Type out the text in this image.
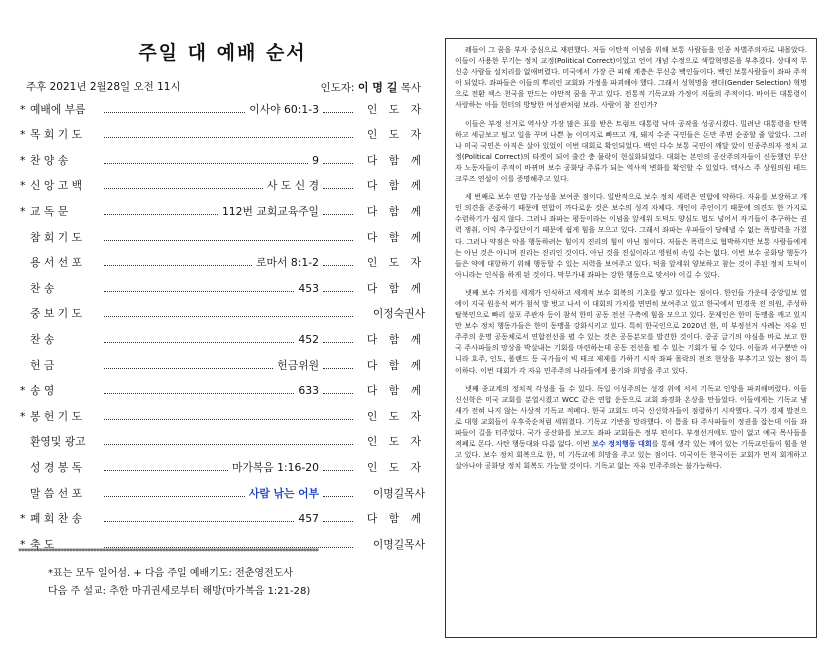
주일 대 예배 순서
주후 2021년 2월28일 오전 11시	인도자: 이 명 길 목사
* 예배에 부름	이사야 60:1-3	인 도 자
* 목 회 기 도	인 도 자
* 찬 양 송	9	다 함 께
* 신 앙 고 백	사 도 신 경	다 함 께
* 교 독 문	112번 교회교육주일	다 함 께
참 회 기 도	다 함 께
용 서 선 포	로마서 8:1-2	인 도 자
찬 송	453	다 함 께
중 보 기 도	이정숙권사
찬 송	452	다 함 께
헌 금	헌금위원	다 함 께
* 송 영	633	다 함 께
* 봉 헌 기 도	인 도 자
환영및 광고	인 도 자
성 경 봉 독	마가복음 1:16-20	인 도 자
말 씀 선 포	사람 낚는 어부	이명길목사
* 폐 회 찬 송	457	다 함 께
* 축 도	이명길목사
****************************************************************************************************
*표는 모두 일어섬. + 다음 주일 예배기도: 전춘영전도사
다음 주 설교: 추한 마귀권세로부터 해방(마가복음 1:21-28)

레들이 그 꿈을 부자 중심으로 재편했다. 저들 이탄적 이념을 위해 보통 사람들을 인종 차별주의자로 내몰았다. 이들이 사용한 무기는 정치 교정(Political Correct)이었고 언어 개념 수정으로 색깔혁명론을 부추겼다. 상대적 무신총 사람들 설치리를 없애버렸다. 미국에서 가장 큰 피해 계층은 무신총 백인들이다. 백인 보통사람들이 좌파 주적이 되었다. 좌파들은 이들의 뿌리인 교회와 가정을 파괴해야 했다. 그래서 성혁명을 젠더(Gender Selection) 혁명으로 전환 섹스 천국을 만드는 야만적 꿈을 꾸고 있다. 전통적 기독교와 가정이 저들의 주적이다. 바이든 대통령이 사랑하는 아들 헌터의 방탕한 여성관처럼 보라. 사람이 참 진인가?

이들은 부정 선거로 역사상 가장 많은 표를 받은 트럼프 대통령 낙마 공작을 성공시켰다. 밀려난 대통령을 탄핵하고 세금보고 털고 일을 꾸며 나쁜 놈 이미지로 빠뜨고 개, 돼지 수준 국민들은 돈만 주면 순종할 줄 알았다. 그러나 미국 국민은 아직은 살아 있었이 이번 대회로 확인되었다. 백인 다수 보통 국민이 깨달 았이 인종주의자 정치 교정(Political Correct)의 타겟이 되어 출간 충 물락이 현실화되었다. 대회는 본인의 공산주의자들이 신동했던 무산자 노동자들이 주적이 바뀌며 보수 공화당 주류가 되는 역사적 변화를 확인할 수 있었다. 텍사스 주 상원의원 테드 크루즈 연설이 이를 증명해주고 있다.

세 번째로 보수 연합 가능성을 보여준 점이다. 일반적으로 보수 정치 세력은 연합에 약하다. 자유를 보장하고 개인 의견을 존중하기 때문에 연합이 까다로운 것은 보수의 성격 자체다. 개인이 주인이기 때문에 의견도 한 가지로 수렴하기가 쉽지 않다. 그러나 좌파는 평등이라는 이념을 앞세워 도덕도 양심도 법도 넘어서 자기들이 추구하는 권력 쟁취, 이익 추구집단이기 때문에 쉽게 힘을 모으고 있다. 그래서 좌파는 우파들이 당해낼 수 없는 폭발력을 가졌다. 그러나 약점은 악을 행동하려는 힘이지 진리의 힘이 아닌 점이다. 저들은 폭력으로 협박하지만 보통 사람들에게는 아닌 것은 아니며 진리는 진리인 것이다. 아닌 것을 진실이라고 영원히 속일 수는 없다. 이번 보수 공화당 행동가들은 약에 대항하기 위해 행동할 수 있는 저력을 보여주고 있다. 덕을 앞세워 양보하고 참는 것이 주된 정치 도덕이 아니라는 인식을 하게 된 것이다. 막무가내 좌파는 강한 행동으로 맞서야 이길 수 있다.

넷째 보수 가치를 세계가 인식하고 세계적 보수 회복의 기초를 쌓고 있다는 점이다. 한인들 가운데 중앙일보 열에이 지국 원응석 써가 첨석 발 벗고 나서 이 대회의 가치를 면면히 보여주고 있고 한국에서 민경욱 전 의원, 주성하 탈북민으로 빠리 살포 주관자 등이 참석 한미 공동 전선 구축에 힘을 모으고 있다. 문제인은 한미 동맹을 깨고 있지만 보수 정치 행동가들은 한미 동맹을 강화시키고 있다. 특히 한국인으로 2020년 한, 미 부정선거 사례는 자유 민주주의 운명 공동체로서 연합전선을 펼 수 있는 것은 공동분모를 발견한 것이다. 중공 글기의 야심을 바로 보고 한국 주사파들의 망상을 박살내는 기회를 마련하는데 공동 전선을 펼 수 있는 기회가 될 수 있다. 이들과 서구뿐만 아니라 호주, 인도, 폴랜드 등 국가들이 빅 테크 제제를 가하기 시작 좌파 몰락의 전조 현상을 부추기고 있는 점이 특이하다. 이번 대회가 각 자유 민주주의 나라들에게 용기와 희망을 주고 있다.

넷째 종교계의 정치적 각성을 들 수 있다. 독일 이성주의는 성경 위에 서서 기독교 인앙을 파괴해버렸다. 이들 신신학은 미국 교회를 분열시켰고 WCC 같은 연합 운동으로 교회 좌경화 온상을 만들었다. 이들에게는 기독교 냄새가 전혀 나지 않는 사상적 기독교 적폐다. 한국 교회도 미국 신신학자들이 점령하기 시작했다. 국가 경제 발전으로 대형 교회들이 우후죽순처럼 세워졌다. 기독교 기반을 망라했다. 이 틈을 타 주사파들이 정권을 잡는데 이들 좌파들이 길을 터주었다. 국가 공산화를 보고도 좌파 교회들은 정부 편이다. 부정선거에도 말이 없고 예국 목사들을 적폐로 몬다. 사탄 행동대와 다름 없다. 이번 보수 정치행동 대회를 통해 생각 있는 깨어 있는 기독교인들이 힘을 얻고 있다. 보수 정치 회복으로 한, 미 기독교에 희망을 주고 있는 점이다. 미국이든 한국이든 교회가 먼저 회개하고 살아나야 공화당 정치 회복도 가능할 것이다. 기독교 없는 자유 민주주의는 불가능하다.
